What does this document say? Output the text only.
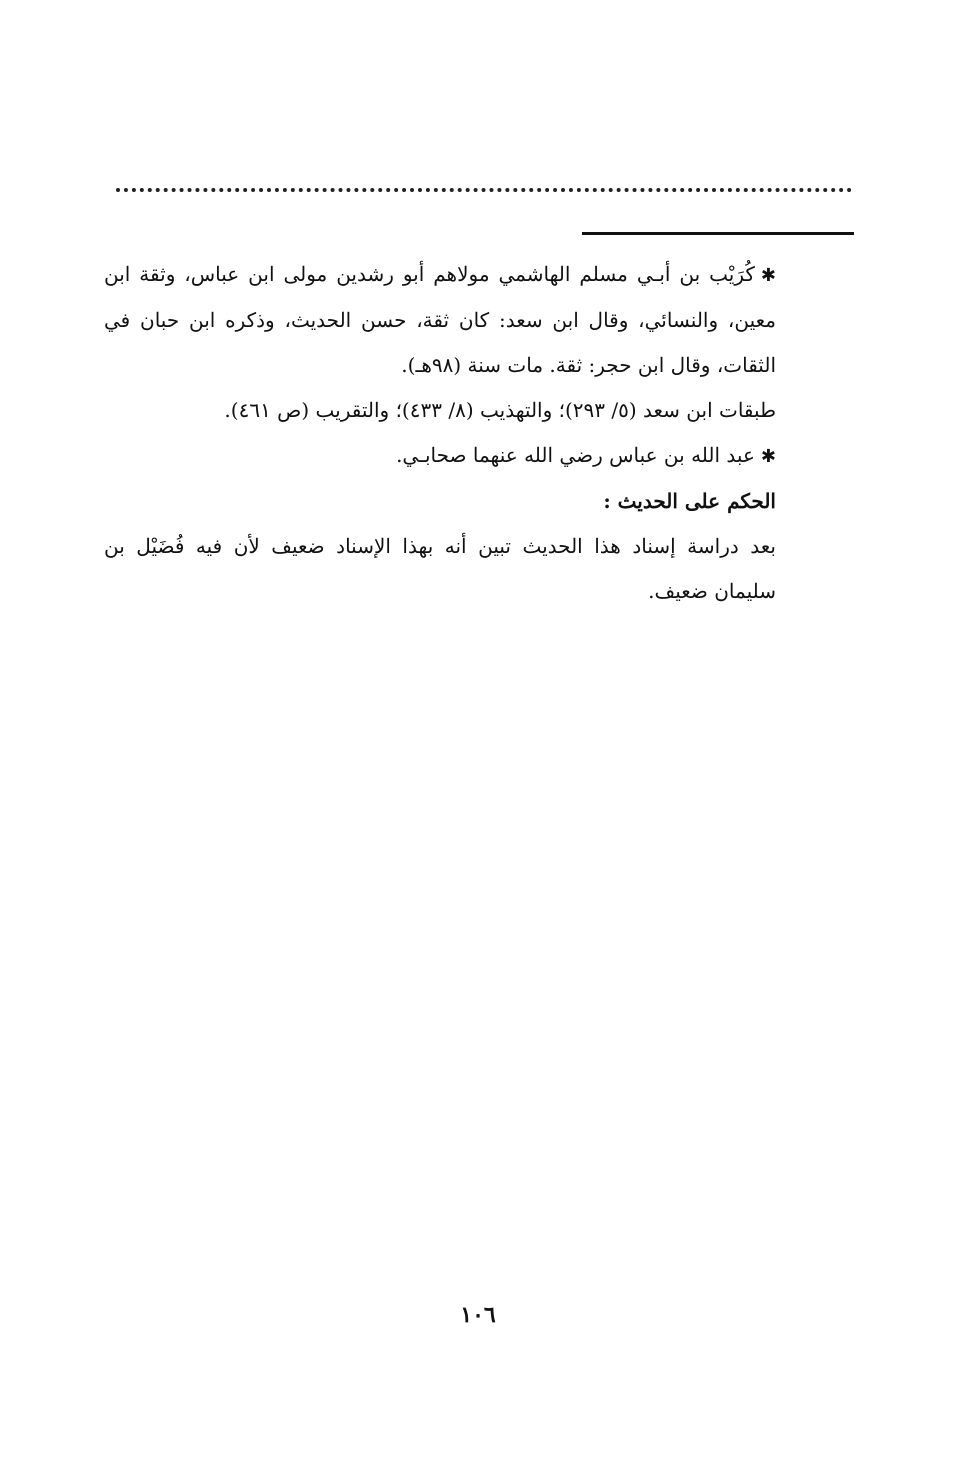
✱كُرَيْب بن أبـي مسلم الهاشمي مولاهم أبو رشدين مولى ابن عباس، وثقة ابن معين، والنسائي، وقال ابن سعد: كان ثقة، حسن الحديث، وذكره ابن حبان في الثقات، وقال ابن حجر: ثقة. مات سنة (٩٨هـ).

طبقات ابن سعد (٥/ ٢٩٣)؛ والتهذيب (٨/ ٤٣٣)؛ والتقريب (ص ٤٦١).

✱عبد الله بن عباس رضي الله عنهما صحابـي.

الحكم على الحديث :

بعد دراسة إسناد هذا الحديث تبين أنه بهذا الإسناد ضعيف لأن فيه فُضَيْل بن سليمان ضعيف.

١٠٦
